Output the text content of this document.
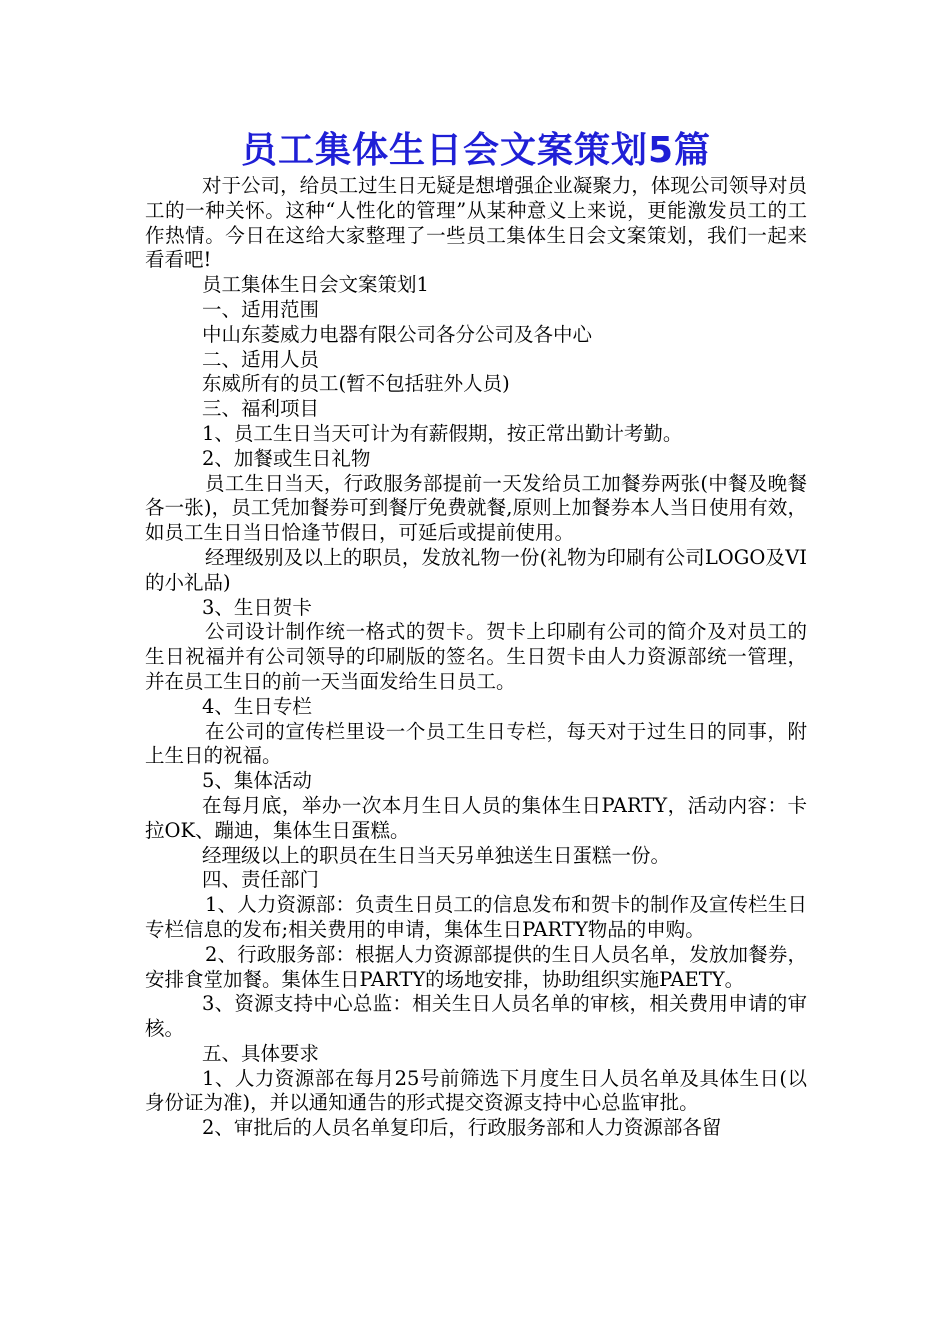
员工集体生日会文案策划5篇

对于公司，给员工过生日无疑是想增强企业凝聚力，体现公司领导对员工的一种关怀。这种“人性化的管理”从某种意义上来说，更能激发员工的工作热情。今日在这给大家整理了一些员工集体生日会文案策划，我们一起来看看吧!

员工集体生日会文案策划1

一、适用范围

中山东菱威力电器有限公司各分公司及各中心

二、适用人员

东威所有的员工(暂不包括驻外人员)

三、福利项目

1、员工生日当天可计为有薪假期，按正常出勤计考勤。

2、加餐或生日礼物

员工生日当天，行政服务部提前一天发给员工加餐券两张(中餐及晚餐各一张)，员工凭加餐券可到餐厅免费就餐,原则上加餐券本人当日使用有效，如员工生日当日恰逢节假日，可延后或提前使用。

经理级别及以上的职员，发放礼物一份(礼物为印刷有公司LOGO及VI的小礼品)

3、生日贺卡

公司设计制作统一格式的贺卡。贺卡上印刷有公司的简介及对员工的生日祝福并有公司领导的印刷版的签名。生日贺卡由人力资源部统一管理，并在员工生日的前一天当面发给生日员工。

4、生日专栏

在公司的宣传栏里设一个员工生日专栏，每天对于过生日的同事，附上生日的祝福。

5、集体活动

在每月底，举办一次本月生日人员的集体生日PARTY，活动内容：卡拉OK、蹦迪，集体生日蛋糕。

经理级以上的职员在生日当天另单独送生日蛋糕一份。

四、责任部门

1、人力资源部：负责生日员工的信息发布和贺卡的制作及宣传栏生日专栏信息的发布;相关费用的申请，集体生日PARTY物品的申购。

2、行政服务部：根据人力资源部提供的生日人员名单，发放加餐券，安排食堂加餐。集体生日PARTY的场地安排，协助组织实施PAETY。

3、资源支持中心总监：相关生日人员名单的审核，相关费用申请的审核。

五、具体要求

1、人力资源部在每月25号前筛选下月度生日人员名单及具体生日(以身份证为准)，并以通知通告的形式提交资源支持中心总监审批。

2、审批后的人员名单复印后，行政服务部和人力资源部各留
